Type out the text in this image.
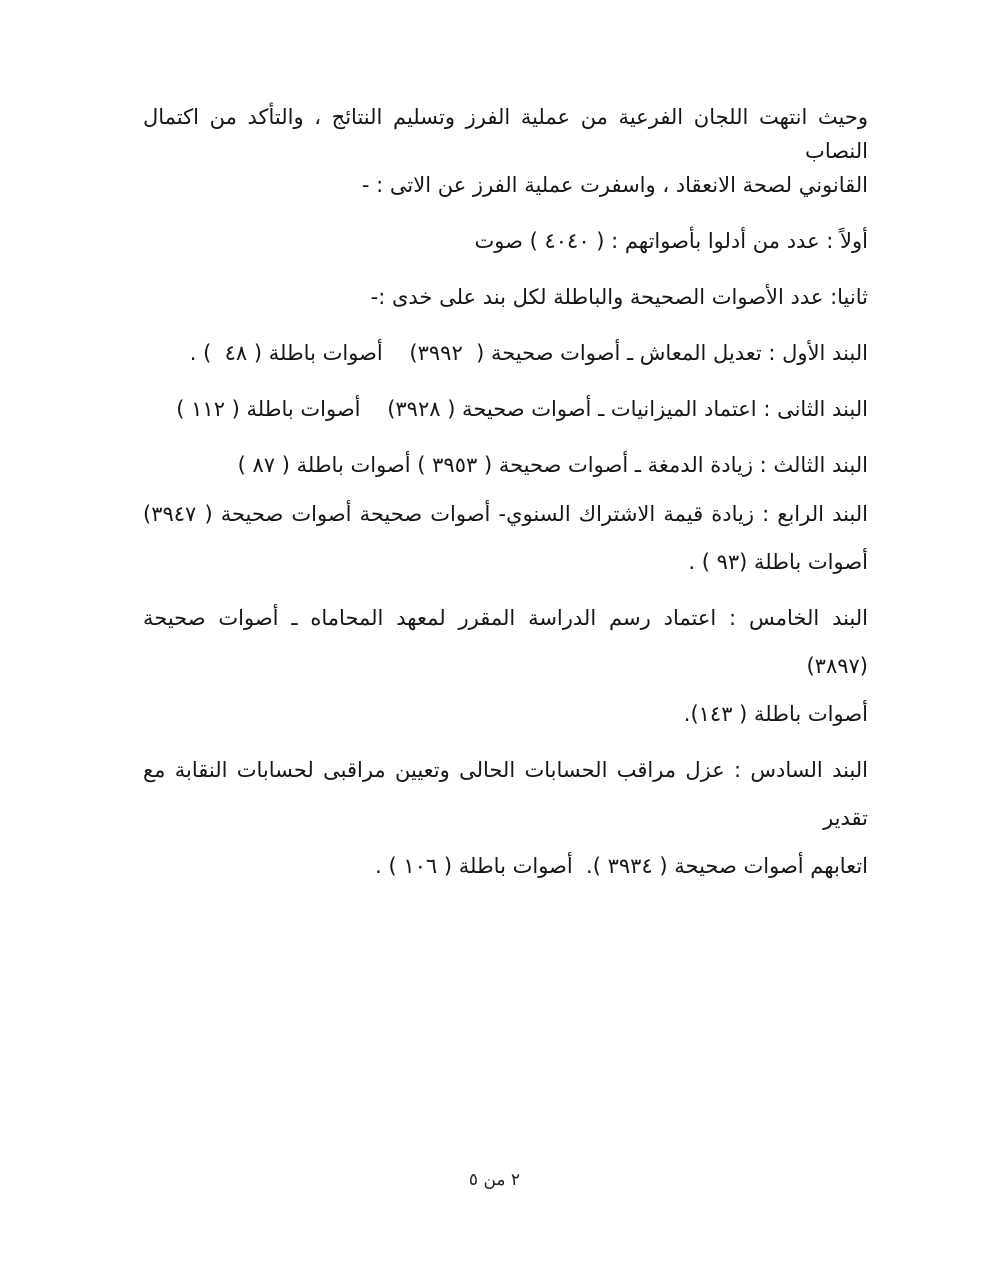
وحيث انتهت اللجان الفرعية من عملية الفرز وتسليم النتائج ، والتأكد من اكتمال النصاب
القانوني لصحة الانعقاد ، واسفرت عملية الفرز عن الاتى : -
أولاً : عدد من أدلوا بأصواتهم : ( ٤٠٤٠ ) صوت
ثانيا: عدد الأصوات الصحيحة والباطلة لكل بند على خدى :-
البند الأول : تعديل المعاش ـ أصوات صحيحة (  ٣٩٩٢)    أصوات باطلة ( ٤٨  ) .
البند الثانى : اعتماد الميزانيات ـ أصوات صحيحة ( ٣٩٢٨)    أصوات باطلة ( ١١٢ )
البند الثالث : زيادة الدمغة ـ أصوات صحيحة ( ٣٩٥٣ ) أصوات باطلة ( ٨٧ )
البند الرابع : زيادة قيمة الاشتراك السنوي- أصوات صحيحة أصوات صحيحة ( ٣٩٤٧)
أصوات باطلة (٩٣ ) .
البند الخامس : اعتماد رسم الدراسة المقرر لمعهد المحاماه ـ أصوات صحيحة (٣٨٩٧)
أصوات باطلة ( ١٤٣).
البند السادس : عزل مراقب الحسابات الحالى وتعيين مراقبى لحسابات النقابة مع تقدير
اتعابهم أصوات صحيحة ( ٣٩٣٤ ).  أصوات باطلة ( ١٠٦ ) .
٢ من ٥
